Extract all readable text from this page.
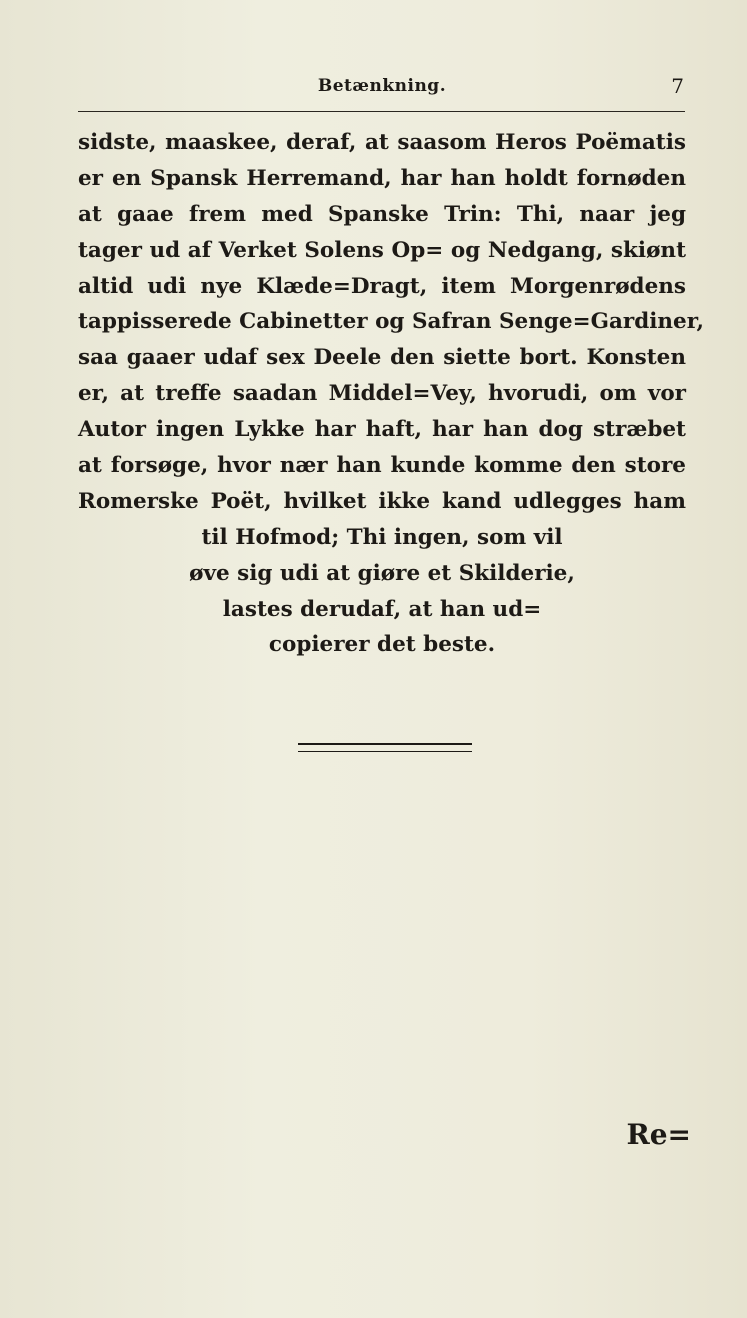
Betænkning.	7
sidste, maaskee, deraf, at saasom Heros Poëmatis
er en Spansk Herremand, har han holdt fornøden
at gaae frem med Spanske Trin: Thi, naar jeg
tager ud af Verket Solens Op= og Nedgang, skiønt
altid udi nye Klæde=Dragt, item Morgenrødens
tappisserede Cabinetter og Safran Senge=Gardiner,
saa gaaer udaf sex Deele den siette bort. Konsten
er, at treffe saadan Middel=Vey, hvorudi, om vor
Autor ingen Lykke har haft, har han dog stræbet
at forsøge, hvor nær han kunde komme den store
Romerske Poët, hvilket ikke kand udlegges ham
til Hofmod; Thi ingen, som vil
øve sig udi at giøre et Skilderie,
lastes derudaf, at han ud=
copierer det beste.
Re=
